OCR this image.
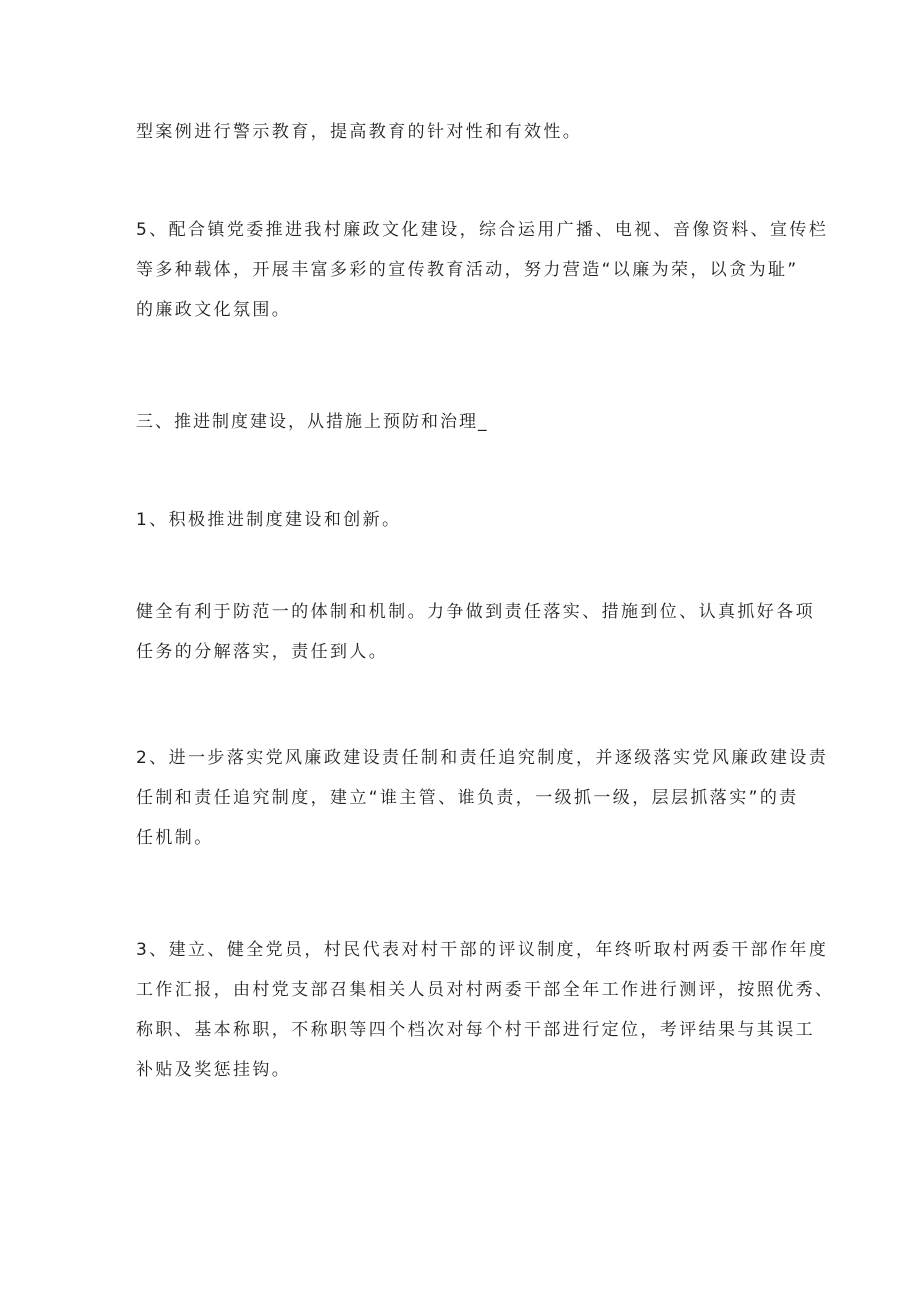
型案例进行警示教育，提高教育的针对性和有效性。

5、配合镇党委推进我村廉政文化建设，综合运用广播、电视、音像资料、宣传栏
等多种载体，开展丰富多彩的宣传教育活动，努力营造“以廉为荣，以贪为耻”
的廉政文化氛围。

三、推进制度建设，从措施上预防和治理_

1、积极推进制度建设和创新。

健全有利于防范一的体制和机制。力争做到责任落实、措施到位、认真抓好各项
任务的分解落实，责任到人。

2、进一步落实党风廉政建设责任制和责任追究制度，并逐级落实党风廉政建设责
任制和责任追究制度，建立“谁主管、谁负责，一级抓一级，层层抓落实”的责
任机制。

3、建立、健全党员，村民代表对村干部的评议制度，年终听取村两委干部作年度
工作汇报，由村党支部召集相关人员对村两委干部全年工作进行测评，按照优秀、
称职、基本称职，不称职等四个档次对每个村干部进行定位，考评结果与其误工
补贴及奖惩挂钩。
